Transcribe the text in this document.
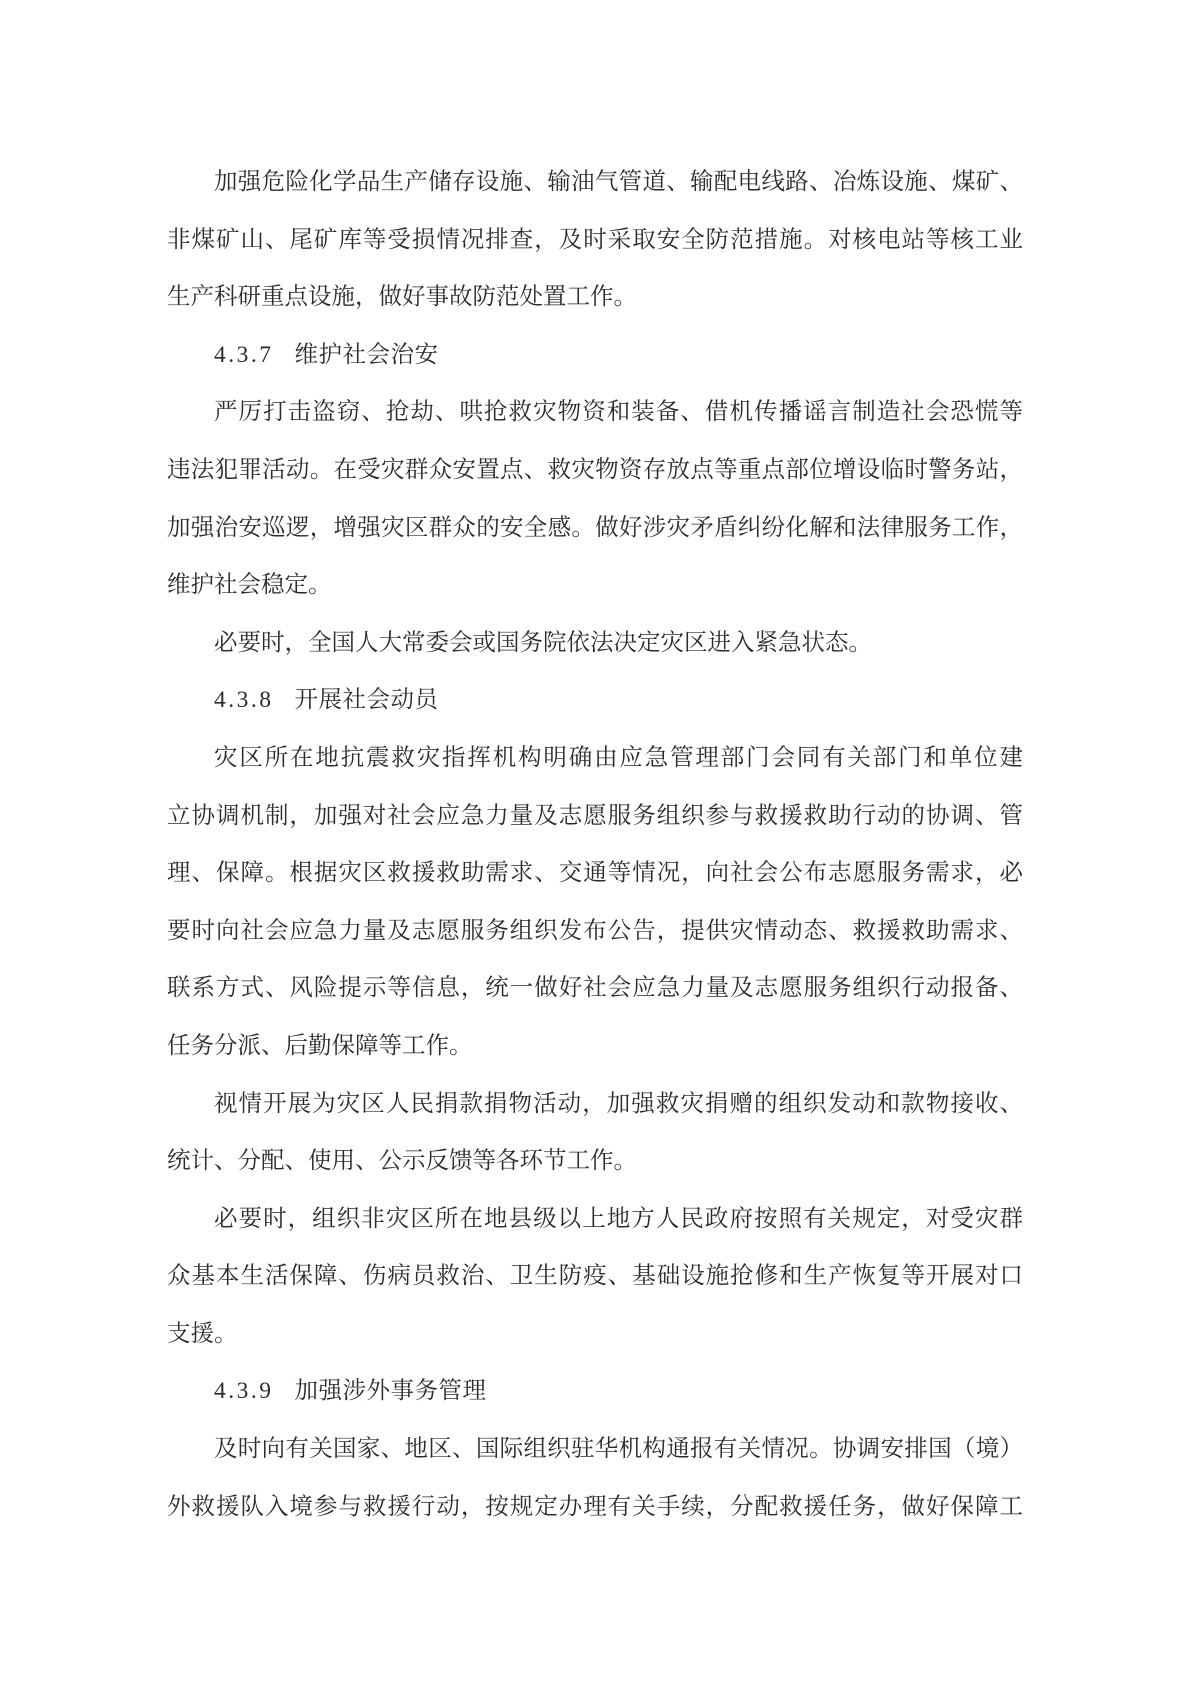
加强危险化学品生产储存设施、输油气管道、输配电线路、冶炼设施、煤矿、
非煤矿山、尾矿库等受损情况排查，及时采取安全防范措施。对核电站等核工业
生产科研重点设施，做好事故防范处置工作。
4.3.7 维护社会治安
严厉打击盗窃、抢劫、哄抢救灾物资和装备、借机传播谣言制造社会恐慌等
违法犯罪活动。在受灾群众安置点、救灾物资存放点等重点部位增设临时警务站，
加强治安巡逻，增强灾区群众的安全感。做好涉灾矛盾纠纷化解和法律服务工作，
维护社会稳定。
必要时，全国人大常委会或国务院依法决定灾区进入紧急状态。
4.3.8 开展社会动员
灾区所在地抗震救灾指挥机构明确由应急管理部门会同有关部门和单位建
立协调机制，加强对社会应急力量及志愿服务组织参与救援救助行动的协调、管
理、保障。根据灾区救援救助需求、交通等情况，向社会公布志愿服务需求，必
要时向社会应急力量及志愿服务组织发布公告，提供灾情动态、救援救助需求、
联系方式、风险提示等信息，统一做好社会应急力量及志愿服务组织行动报备、
任务分派、后勤保障等工作。
视情开展为灾区人民捐款捐物活动，加强救灾捐赠的组织发动和款物接收、
统计、分配、使用、公示反馈等各环节工作。
必要时，组织非灾区所在地县级以上地方人民政府按照有关规定，对受灾群
众基本生活保障、伤病员救治、卫生防疫、基础设施抢修和生产恢复等开展对口
支援。
4.3.9 加强涉外事务管理
及时向有关国家、地区、国际组织驻华机构通报有关情况。协调安排国（境）
外救援队入境参与救援行动，按规定办理有关手续，分配救援任务，做好保障工
